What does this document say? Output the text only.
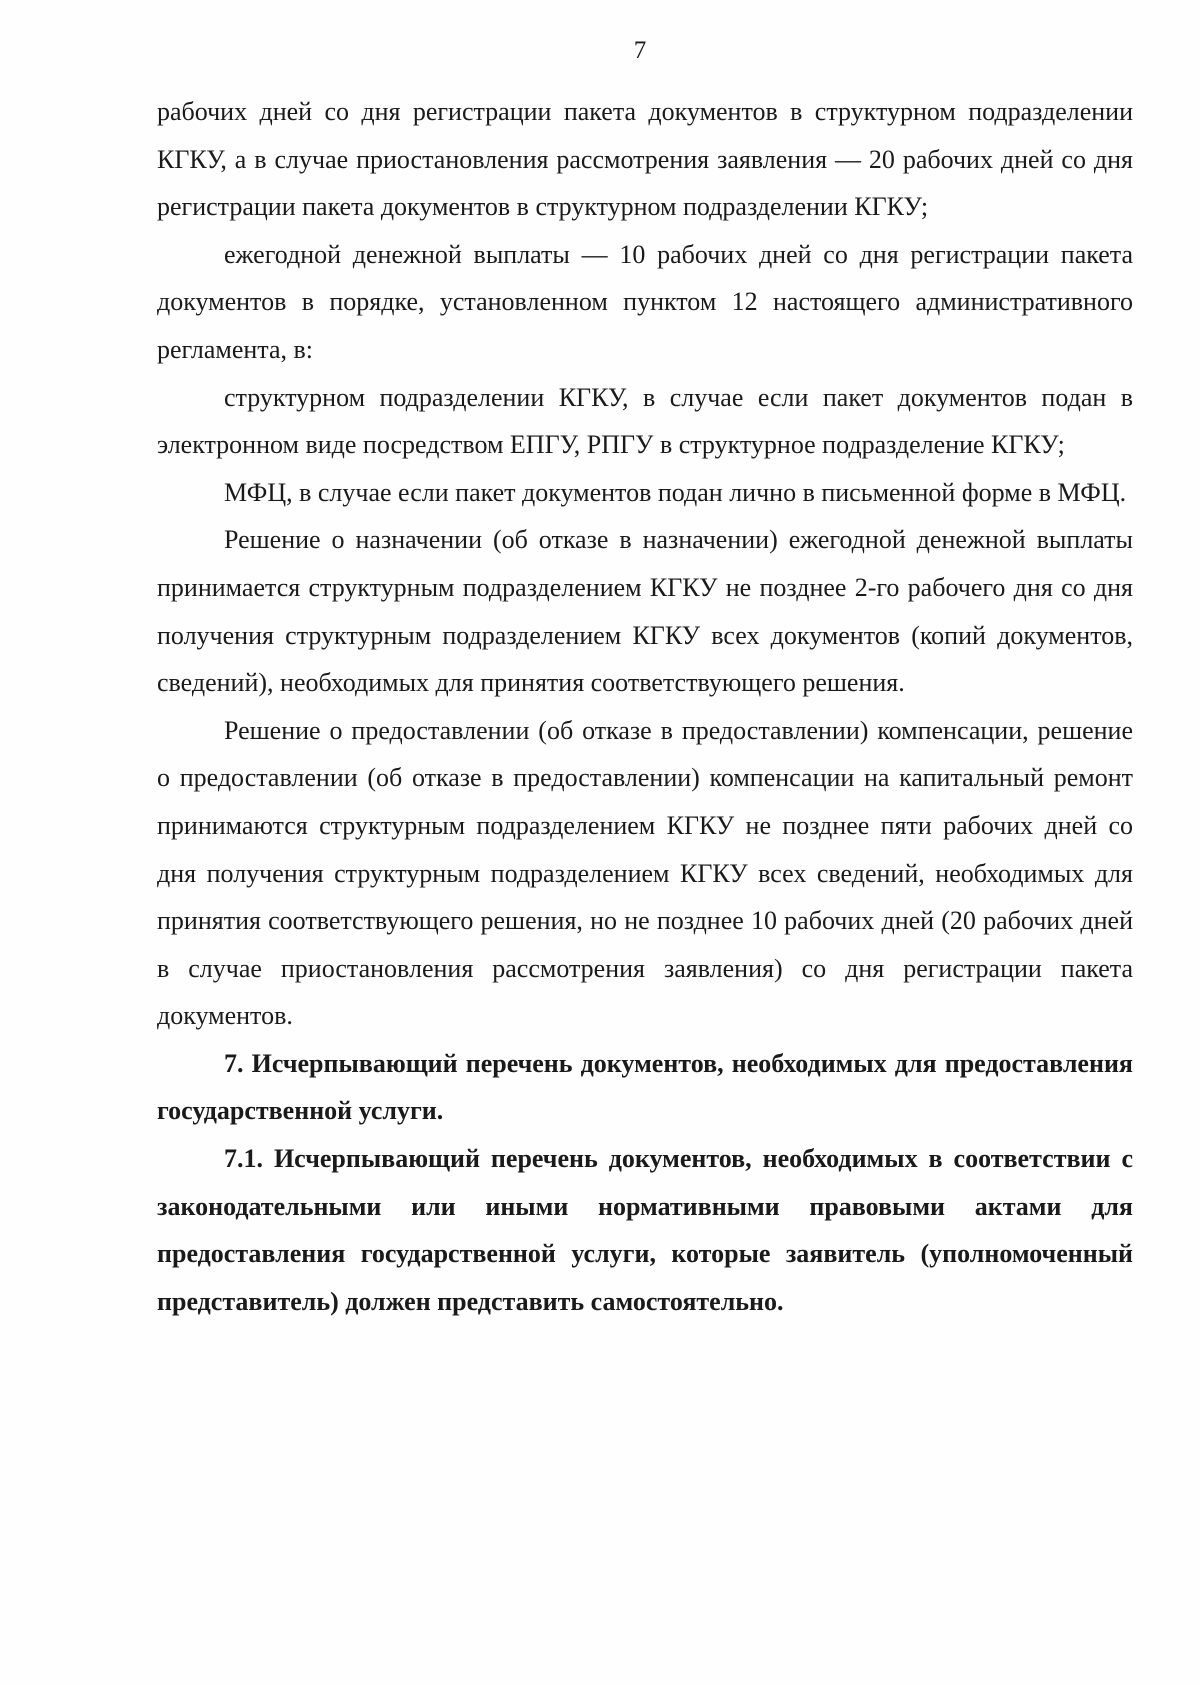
7

рабочих дней со дня регистрации пакета документов в структурном подразделении КГКУ, а в случае приостановления рассмотрения заявления — 20 рабочих дней со дня регистрации пакета документов в структурном подразделении КГКУ;

ежегодной денежной выплаты — 10 рабочих дней со дня регистрации пакета документов в порядке, установленном пунктом 12 настоящего административного регламента, в:

структурном подразделении КГКУ, в случае если пакет документов подан в электронном виде посредством ЕПГУ, РПГУ в структурное подразделение КГКУ;

МФЦ, в случае если пакет документов подан лично в письменной форме в МФЦ.

Решение о назначении (об отказе в назначении) ежегодной денежной выплаты принимается структурным подразделением КГКУ не позднее 2-го рабочего дня со дня получения структурным подразделением КГКУ всех документов (копий документов, сведений), необходимых для принятия соответствующего решения.

Решение о предоставлении (об отказе в предоставлении) компенсации, решение о предоставлении (об отказе в предоставлении) компенсации на капитальный ремонт принимаются структурным подразделением КГКУ не позднее пяти рабочих дней со дня получения структурным подразделением КГКУ всех сведений, необходимых для принятия соответствующего решения, но не позднее 10 рабочих дней (20 рабочих дней в случае приостановления рассмотрения заявления) со дня регистрации пакета документов.

7. Исчерпывающий перечень документов, необходимых для предоставления государственной услуги.

7.1. Исчерпывающий перечень документов, необходимых в соответствии с законодательными или иными нормативными правовыми актами для предоставления государственной услуги, которые заявитель (уполномоченный представитель) должен представить самостоятельно.
